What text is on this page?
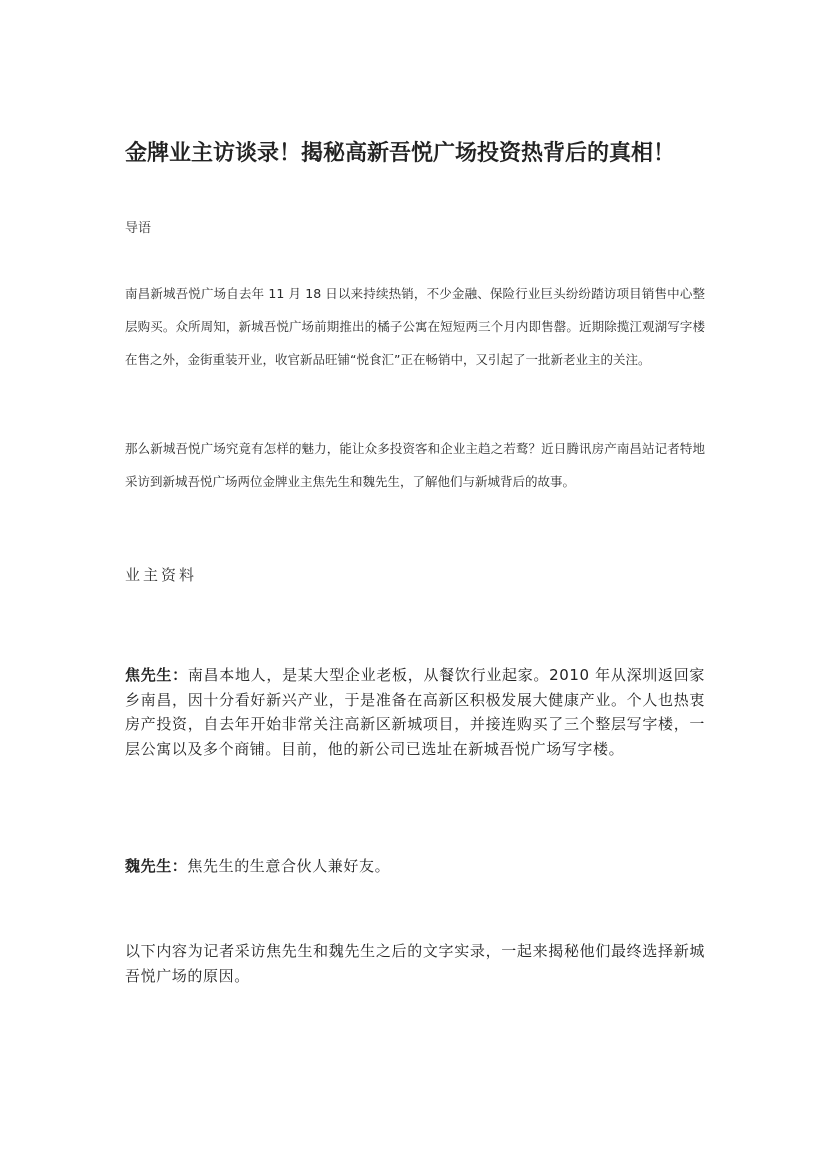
金牌业主访谈录！揭秘高新吾悦广场投资热背后的真相！
导语

南昌新城吾悦广场自去年 11 月 18 日以来持续热销，不少金融、保险行业巨头纷纷踏访项目销售中心整层购买。众所周知，新城吾悦广场前期推出的橘子公寓在短短两三个月内即售罄。近期除揽江观湖写字楼在售之外，金街重装开业，收官新品旺铺“悦食汇”正在畅销中，又引起了一批新老业主的关注。

那么新城吾悦广场究竟有怎样的魅力，能让众多投资客和企业主趋之若鹜？近日腾讯房产南昌站记者特地采访到新城吾悦广场两位金牌业主焦先生和魏先生，了解他们与新城背后的故事。

业主资料

焦先生：南昌本地人，是某大型企业老板，从餐饮行业起家。2010 年从深圳返回家乡南昌，因十分看好新兴产业，于是准备在高新区积极发展大健康产业。个人也热衷房产投资，自去年开始非常关注高新区新城项目，并接连购买了三个整层写字楼，一层公寓以及多个商铺。目前，他的新公司已选址在新城吾悦广场写字楼。

魏先生：焦先生的生意合伙人兼好友。

以下内容为记者采访焦先生和魏先生之后的文字实录，一起来揭秘他们最终选择新城吾悦广场的原因。
